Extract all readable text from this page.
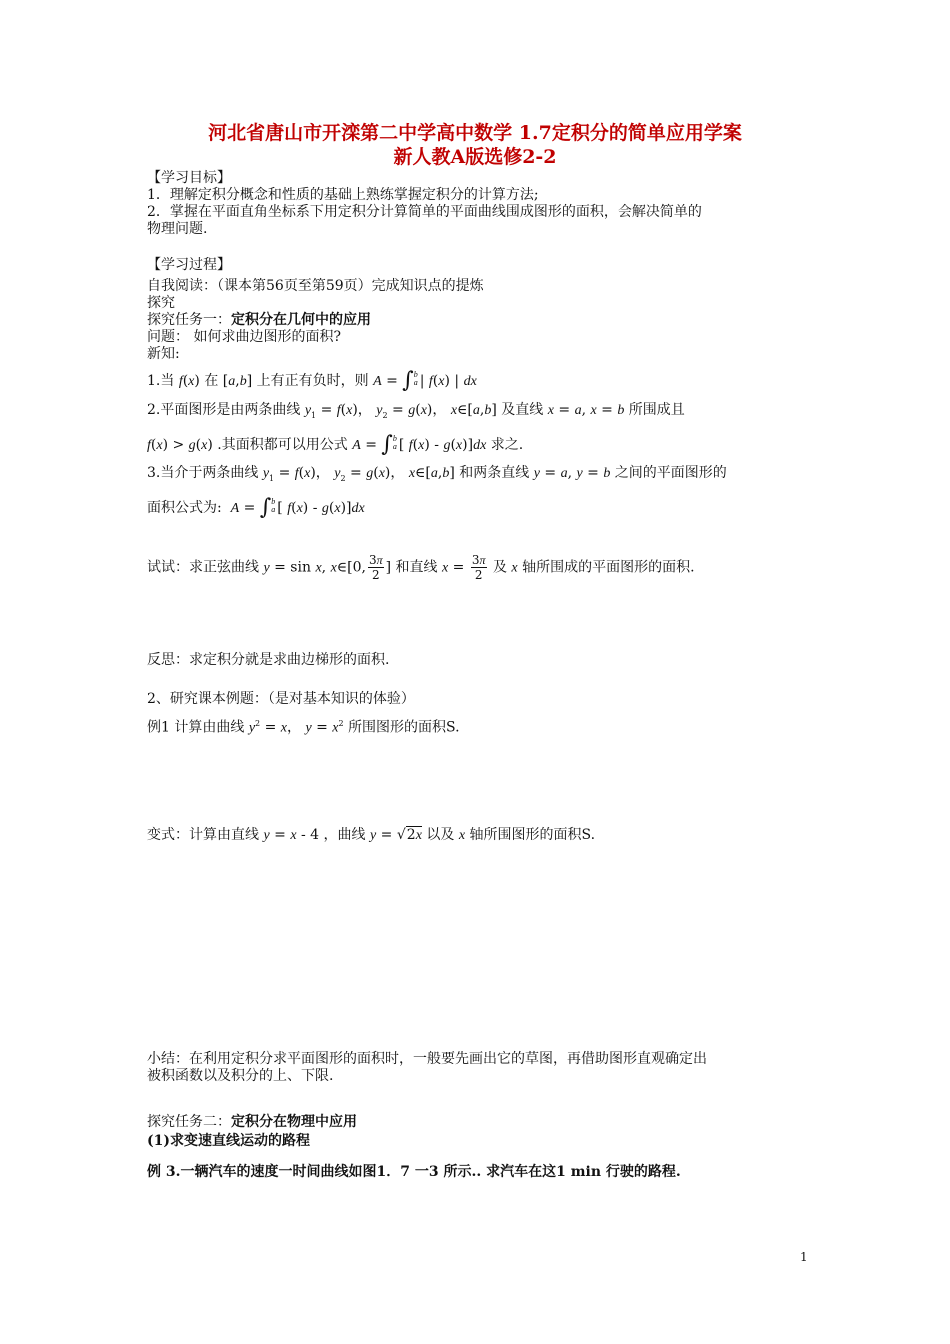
河北省唐山市开滦第二中学高中数学 1.7定积分的简单应用学案
新人教A版选修2-2
【学习目标】
1．理解定积分概念和性质的基础上熟练掌握定积分的计算方法;
2．掌握在平面直角坐标系下用定积分计算简单的平面曲线围成图形的面积，会解决简单的
物理问题.
【学习过程】
自我阅读：（课本第56页至第59页）完成知识点的提炼
探究
探究任务一：定积分在几何中的应用
问题： 如何求曲边图形的面积?
新知:
1.当 f(x) 在 [a,b] 上有正有负时，则 A = ∫ b
a | f(x) | dx
2.平面图形是由两条曲线 $y_1 = f(x)$， $y_2 = g(x)$， x∈[a,b] 及直线 x = a, x = b 所围成且
f(x) > g(x) .其面积都可以用公式 A = ∫ b
a [ f(x) - g(x)]dx 求之.
3.当介于两条曲线 $y_1 = f(x)$， $y_2 = g(x)$， x∈[a,b] 和两条直线 y = a, y = b 之间的平面图形的
面积公式为: A = ∫ b
a [ f(x) - g(x)]dx
试试：求正弦曲线 y = sin x, x∈[0, $\frac{3\pi}{2}$ ] 和直线 $x = \frac{3\pi}{2}$ 及 x 轴所围成的平面图形的面积.
反思：求定积分就是求曲边梯形的面积.
2、研究课本例题：（是对基本知识的体验）
例1 计算由曲线 $y^2 = x$， $y = x^2$ 所围图形的面积S.
变式：计算由直线 y = x - 4 ，曲线 y = √2x 以及 x 轴所围图形的面积S.
小结：在利用定积分求平面图形的面积时，一般要先画出它的草图，再借助图形直观确定出
被积函数以及积分的上、下限.
探究任务二：定积分在物理中应用
(1)求变速直线运动的路程
例 3.一辆汽车的速度一时间曲线如图1．7 一3 所示.. 求汽车在这1 min 行驶的路程.
1
